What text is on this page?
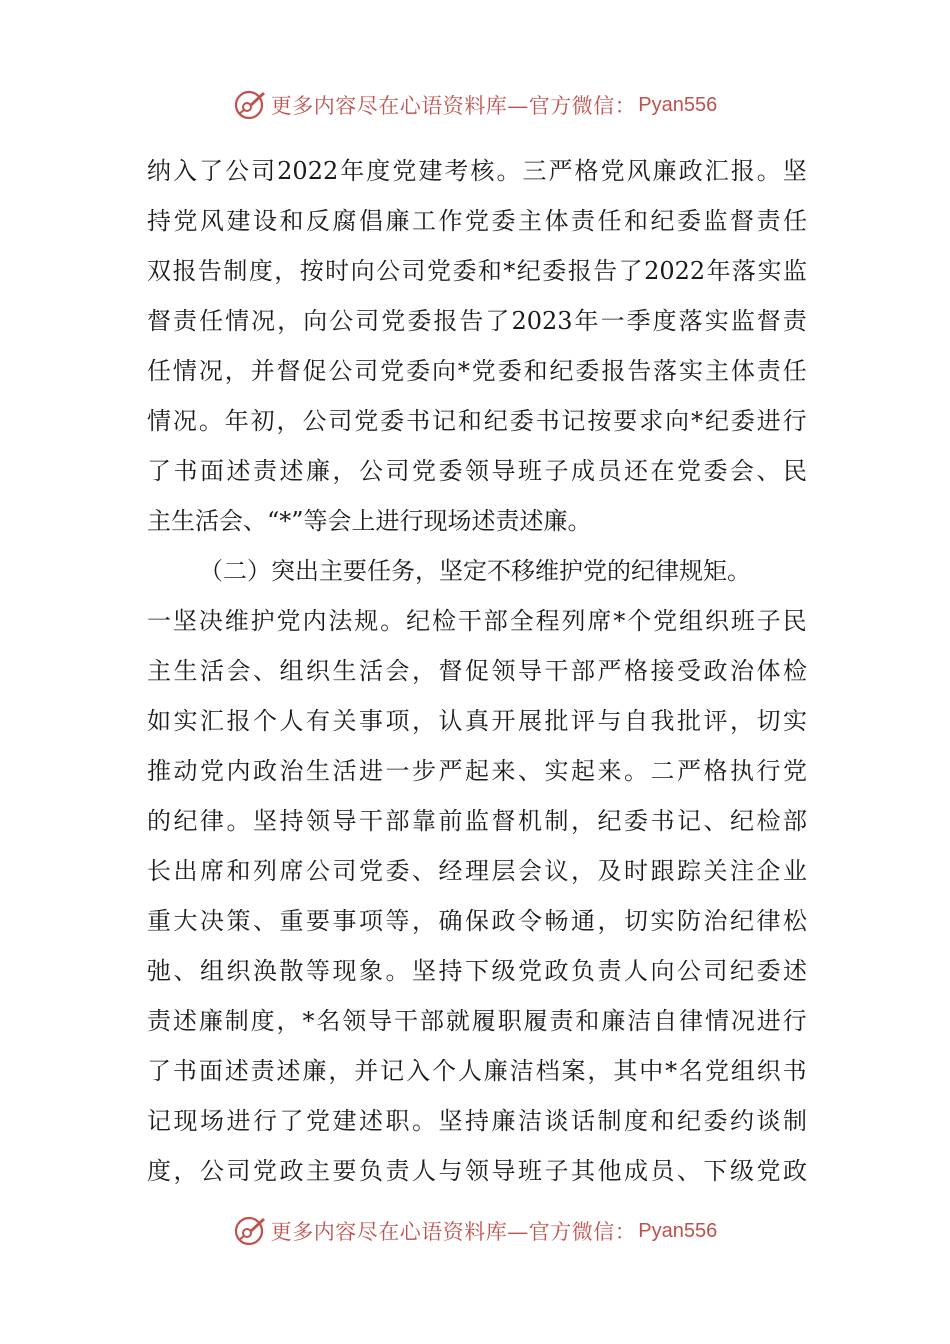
更多内容尽在心语资料库—官方微信： Pyan556
纳 入 了 公 司 2022 年 度 党 建 考 核 。 三 严 格 党 风 廉 政 汇 报 。 坚
持 党 风 建 设 和 反 腐 倡 廉 工 作 党 委 主 体 责 任 和 纪 委 监 督 责 任
双 报 告 制 度 ， 按 时 向 公 司 党 委 和 * 纪 委 报 告 了 2022 年 落 实 监
督 责 任 情 况 ， 向 公 司 党 委 报 告 了 2023 年 一 季 度 落 实 监 督 责
任 情 况 ， 并 督 促 公 司 党 委 向 * 党 委 和 纪 委 报 告 落 实 主 体 责 任
情 况 。 年 初 ， 公 司 党 委 书 记 和 纪 委 书 记 按 要 求 向 * 纪 委 进 行
了 书 面 述 责 述 廉 ， 公 司 党 委 领 导 班 子 成 员 还 在 党 委 会 、 民
主生活会、“*”等会上进行现场述责述廉。
（二）突出主要任务，坚定不移维护党的纪律规矩。
一 坚 决 维 护 党 内 法 规 。 纪 检 干 部 全 程 列 席 * 个 党 组 织 班 子 民
主 生 活 会 、 组 织 生 活 会 ， 督 促 领 导 干 部 严 格 接 受 政 治 体 检
如 实 汇 报 个 人 有 关 事 项 ， 认 真 开 展 批 评 与 自 我 批 评 ， 切 实
推 动 党 内 政 治 生 活 进 一 步 严 起 来 、 实 起 来 。 二 严 格 执 行 党
的 纪 律 。 坚 持 领 导 干 部 靠 前 监 督 机 制 ， 纪 委 书 记 、 纪 检 部
长 出 席 和 列 席 公 司 党 委 、 经 理 层 会 议 ， 及 时 跟 踪 关 注 企 业
重 大 决 策 、 重 要 事 项 等 ， 确 保 政 令 畅 通 ， 切 实 防 治 纪 律 松
弛 、 组 织 涣 散 等 现 象 。 坚 持 下 级 党 政 负 责 人 向 公 司 纪 委 述
责 述 廉 制 度 ， * 名 领 导 干 部 就 履 职 履 责 和 廉 洁 自 律 情 况 进 行
了 书 面 述 责 述 廉 ， 并 记 入 个 人 廉 洁 档 案 ， 其 中 * 名 党 组 织 书
记 现 场 进 行 了 党 建 述 职 。 坚 持 廉 洁 谈 话 制 度 和 纪 委 约 谈 制
度 ， 公 司 党 政 主 要 负 责 人 与 领 导 班 子 其 他 成 员 、 下 级 党 政
更多内容尽在心语资料库—官方微信： Pyan556
